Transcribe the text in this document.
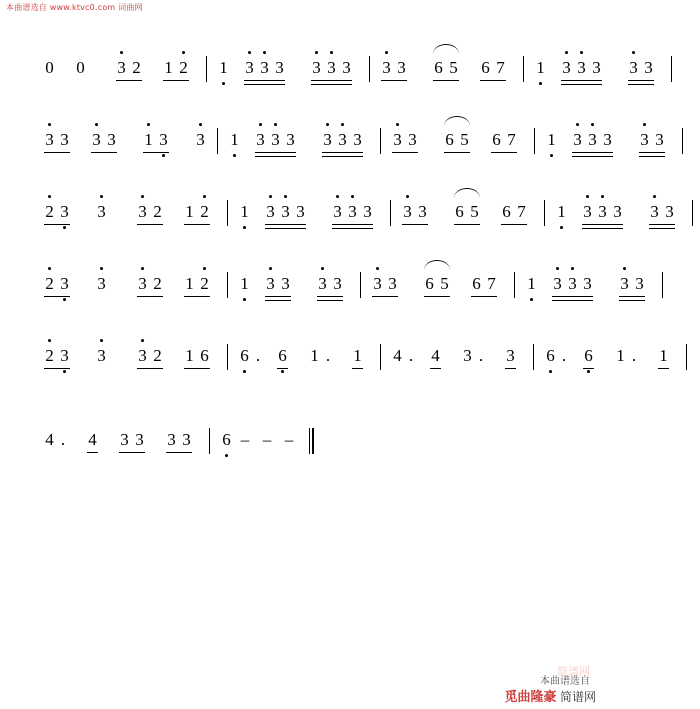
本曲谱选自 www.ktvc0.com 词曲网
0 0 3
•
2 1 2
•
1
•
3
•
3
•
3 3
•
3
•
3 3
•
3
6 5 6 7 1
•
3
•
3
•
3 3
•
3

3
•
3 3
•
3 1
•
3
•
3
•
1
•
3
•
3
•
3 3
•
3
•
3 3
•
3
6 5 6 7 1
•
3
•
3
•
3 3
•
3

2
•
3
•
3
•
3
•
2 1 2
•
1
•
3
•
3
•
3 3
•
3
•
3 3
•
3
6 5 6 7 1
•
3
•
3
•
3 3
•
3

2
•
3
•
3
•
3
•
2 1 2
•
1
•
3
•
3 3
•
3 3
•
3
6 5 6 7 1
•
3
•
3
•
3 3
•
3

2
•
3
•
3
•
3
•
2 1 6 6
•
. 6
•
1 . 1 4 . 4 3 . 3 6
•
. 6
•
1 . 1

4 . 4 3 3 3 3 6
•
– – –
简谱网
本曲谱选自
觅曲隆豪 简谱网
